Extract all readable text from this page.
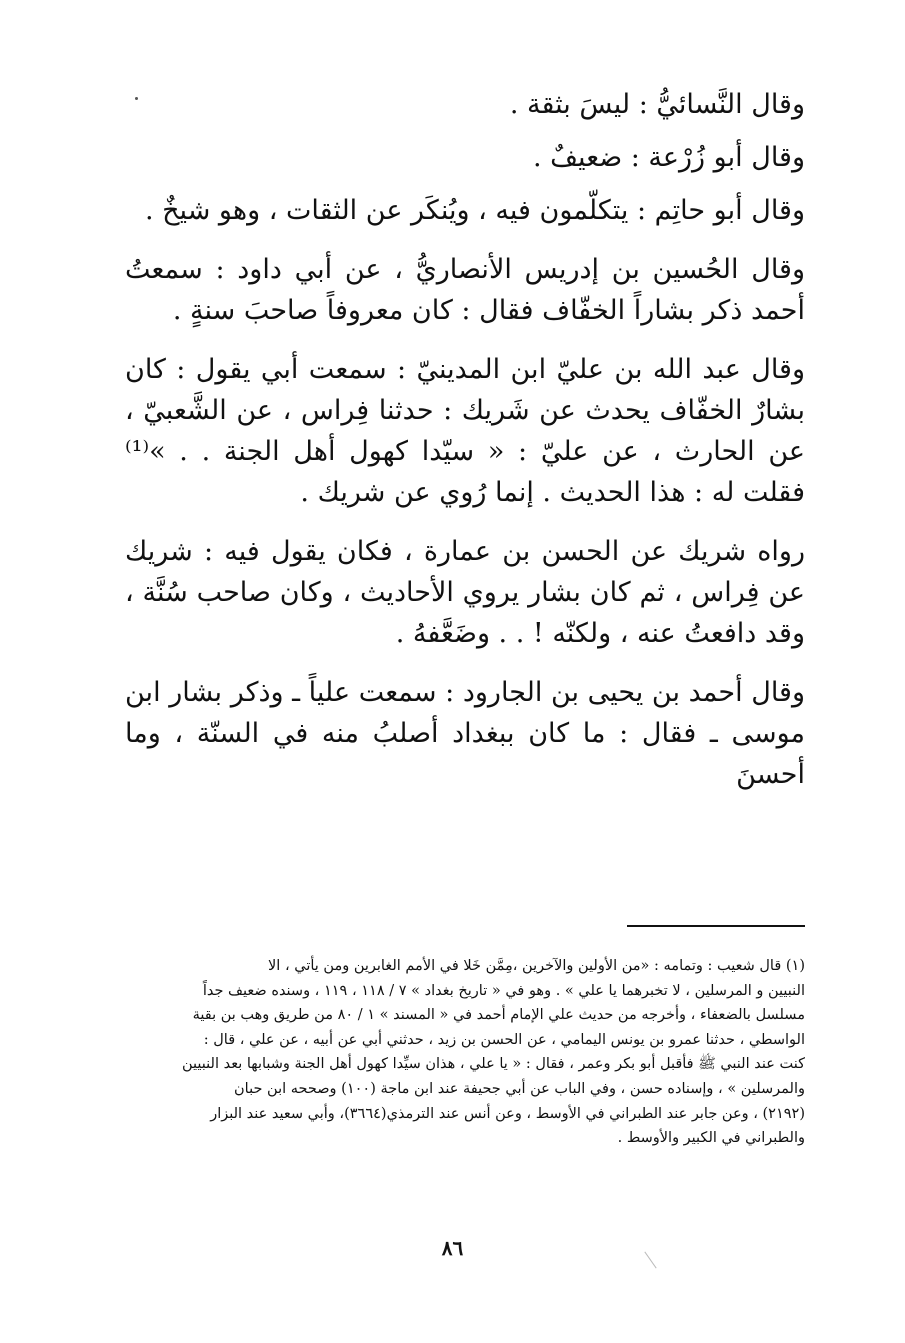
وقال النَّسائيُّ : ليسَ بثقة .

وقال أبو زُرْعة : ضعيفٌ .

وقال أبو حاتِم : يتكلّمون فيه ، ويُنكَر عن الثقات ، وهو شيخٌ .

وقال الحُسين بن إدريس الأنصاريُّ ، عن أبي داود : سمعتُ أحمد ذكر بشاراً الخفّاف فقال : كان معروفاً صاحبَ سنةٍ .

وقال عبد الله بن عليّ ابن المدينيّ : سمعت أبي يقول : كان بشارٌ الخفّاف يحدث عن شَريك : حدثنا فِراس ، عن الشَّعبيّ ، عن الحارث ، عن عليّ : « سيّدا كهول أهل الجنة . . »⁽¹⁾ فقلت له : هذا الحديث . إنما رُوي عن شريك .

رواه شريك عن الحسن بن عمارة ، فكان يقول فيه : شريك عن فِراس ، ثم كان بشار يروي الأحاديث ، وكان صاحب سُنَّة ، وقد دافعتُ عنه ، ولكنّه ! . . وضَعَّفهُ .

وقال أحمد بن يحيى بن الجارود : سمعت علياً ـ وذكر بشار ابن موسى ـ فقال : ما كان ببغداد أصلبُ منه في السنّة ، وما أحسنَ

(١) قال شعيب : وتمامه : «من الأولين والآخرين ،مِمَّن خَلا في الأمم الغابرين ومن يأتي ، الا
النبيين و المرسلين ، لا تخبرهما يا علي » . وهو في « تاريخ بغداد » ٧ / ١١٨ ، ١١٩ ، وسنده ضعيف جداً
مسلسل بالضعفاء ، وأخرجه من حديث علي الإمام أحمد في « المسند » ١ / ٨٠ من طريق وهب بن بقية
الواسطي ، حدثنا عمرو بن يونس اليمامي ، عن الحسن بن زيد ، حدثني أبي عن أبيه ، عن علي ، قال :
كنت عند النبي ﷺ فأقبل أبو بكر وعمر ، فقال : « يا علي ، هذان سيِّدا كهول أهل الجنة وشبابها بعد النبيين
والمرسلين » ، وإسناده حسن ، وفي الباب عن أبي جحيفة عند ابن ماجة (١٠٠) وصححه ابن حبان
(٢١٩٢) ، وعن جابر عند الطبراني في الأوسط ، وعن أنس عند الترمذي(٣٦٦٤)، وأبي سعيد عند البزار
والطبراني في الكبير والأوسط .
٨٦
